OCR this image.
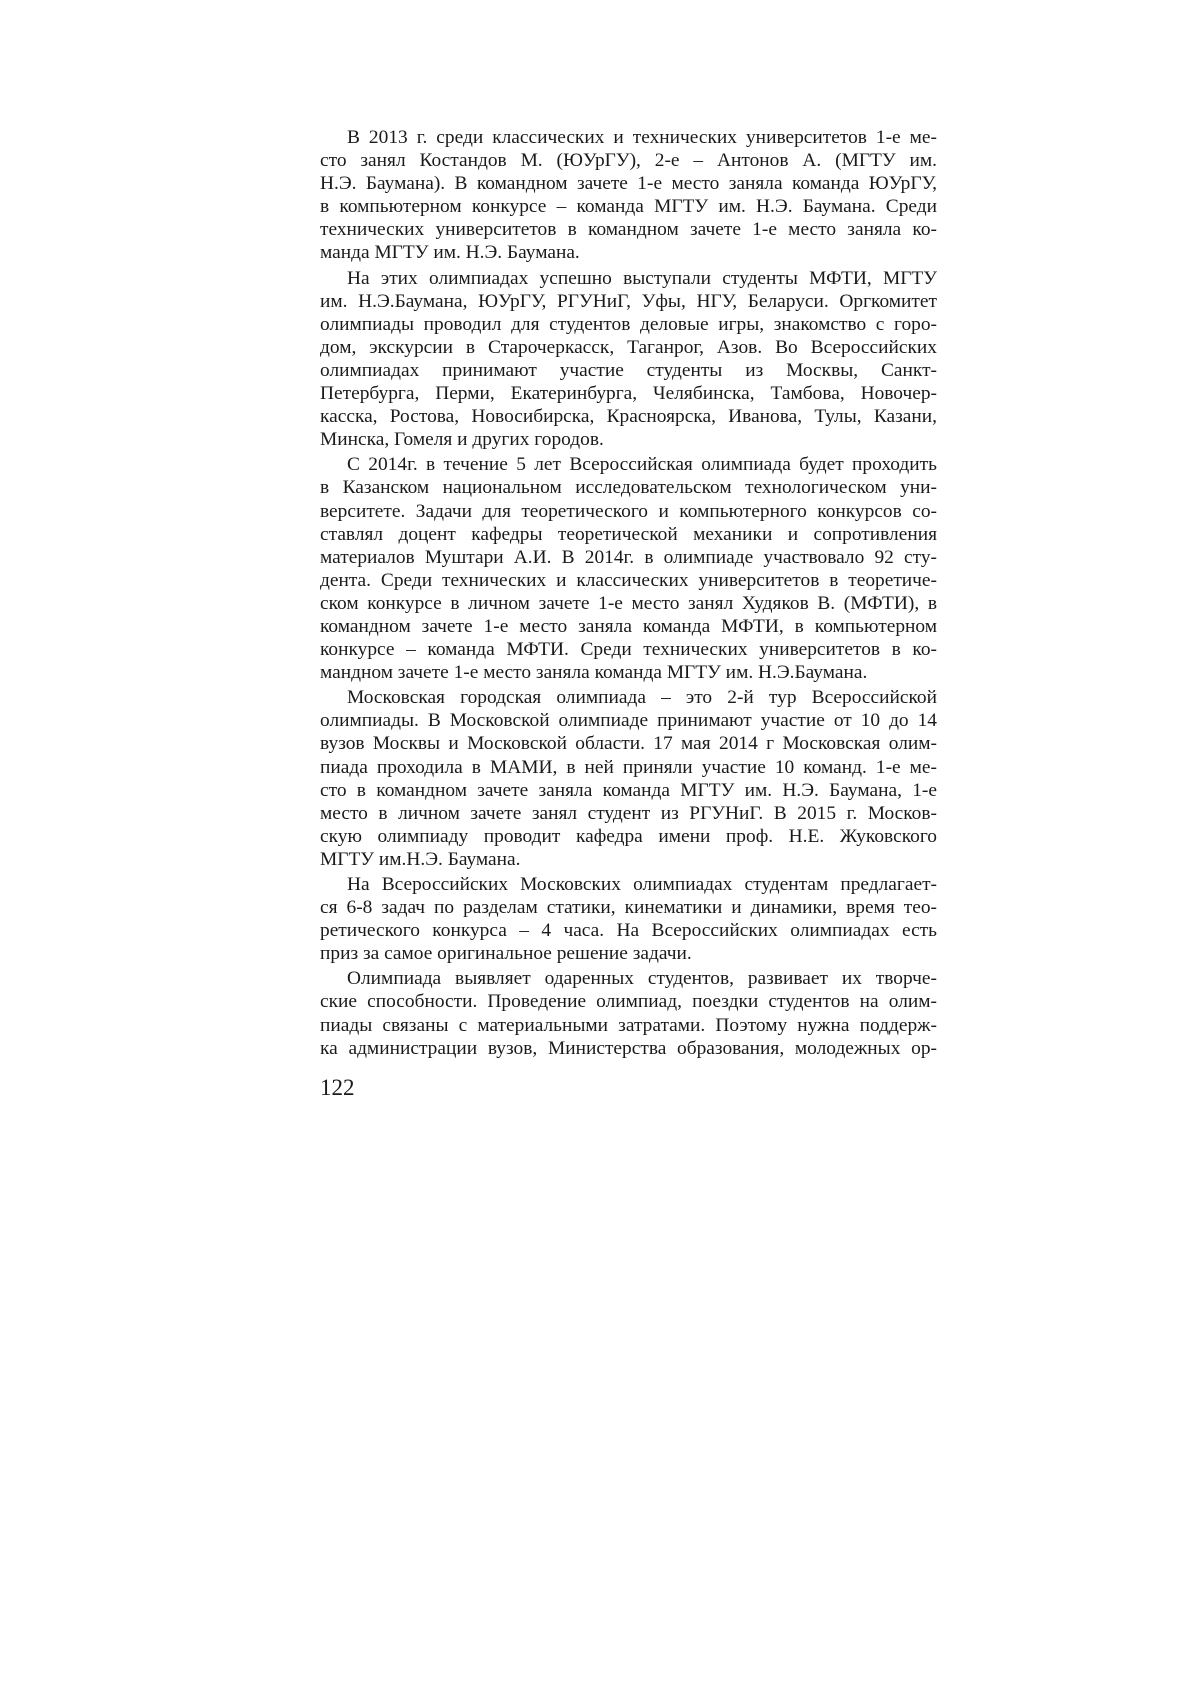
В 2013 г. среди классических и технических университетов 1-е ме-
сто занял Костандов М. (ЮУрГУ), 2-е – Антонов А. (МГТУ им.
Н.Э. Баумана). В командном зачете 1-е место заняла команда ЮУрГУ,
в компьютерном конкурсе – команда МГТУ им. Н.Э. Баумана. Среди
технических университетов в командном зачете 1-е место заняла ко-
манда МГТУ им. Н.Э. Баумана.
На этих олимпиадах успешно выступали студенты МФТИ, МГТУ
им. Н.Э.Баумана, ЮУрГУ, РГУНиГ, Уфы, НГУ, Беларуси. Оргкомитет
олимпиады проводил для студентов деловые игры, знакомство с горо-
дом, экскурсии в Старочеркасск, Таганрог, Азов. Во Всероссийских
олимпиадах принимают участие студенты из Москвы, Санкт-
Петербурга, Перми, Екатеринбурга, Челябинска, Тамбова, Новочер-
касска, Ростова, Новосибирска, Красноярска, Иванова, Тулы, Казани,
Минска, Гомеля и других городов.
С 2014г. в течение 5 лет Всероссийская олимпиада будет проходить
в Казанском национальном исследовательском технологическом уни-
верситете. Задачи для теоретического и компьютерного конкурсов со-
ставлял доцент кафедры теоретической механики и сопротивления
материалов Муштари А.И. В 2014г. в олимпиаде участвовало 92 сту-
дента. Среди технических и классических университетов в теоретиче-
ском конкурсе в личном зачете 1-е место занял Худяков В. (МФТИ), в
командном зачете 1-е место заняла команда МФТИ, в компьютерном
конкурсе – команда МФТИ. Среди технических университетов в ко-
мандном зачете 1-е место заняла команда МГТУ им. Н.Э.Баумана.
Московская городская олимпиада – это 2-й тур Всероссийской
олимпиады. В Московской олимпиаде принимают участие от 10 до 14
вузов Москвы и Московской области. 17 мая 2014 г Московская олим-
пиада проходила в МАМИ, в ней приняли участие 10 команд. 1-е ме-
сто в командном зачете заняла команда МГТУ им. Н.Э. Баумана, 1-е
место в личном зачете занял студент из РГУНиГ. В 2015 г. Москов-
скую олимпиаду проводит кафедра имени проф. Н.Е. Жуковского
МГТУ им.Н.Э. Баумана.
На Всероссийских Московских олимпиадах студентам предлагает-
ся 6-8 задач по разделам статики, кинематики и динамики, время тео-
ретического конкурса – 4 часа. На Всероссийских олимпиадах есть
приз за самое оригинальное решение задачи.
Олимпиада выявляет одаренных студентов, развивает их творче-
ские способности. Проведение олимпиад, поездки студентов на олим-
пиады связаны с материальными затратами. Поэтому нужна поддерж-
ка администрации вузов, Министерства образования, молодежных ор-
122
